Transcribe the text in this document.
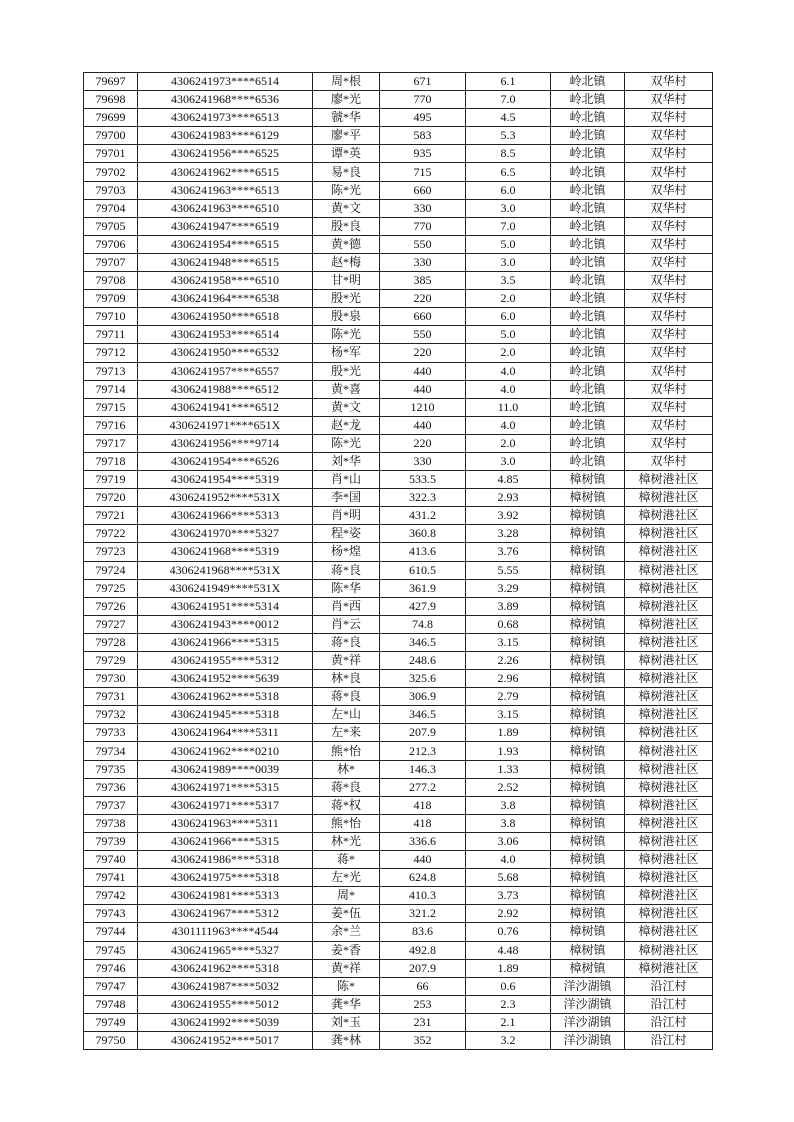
79697	4306241973****6514	周*根	671	6.1	岭北镇	双华村
79698	4306241968****6536	廖*光	770	7.0	岭北镇	双华村
79699	4306241973****6513	虢*华	495	4.5	岭北镇	双华村
79700	4306241983****6129	廖*平	583	5.3	岭北镇	双华村
79701	4306241956****6525	谭*英	935	8.5	岭北镇	双华村
79702	4306241962****6515	易*良	715	6.5	岭北镇	双华村
79703	4306241963****6513	陈*光	660	6.0	岭北镇	双华村
79704	4306241963****6510	黄*文	330	3.0	岭北镇	双华村
79705	4306241947****6519	殷*良	770	7.0	岭北镇	双华村
79706	4306241954****6515	黄*德	550	5.0	岭北镇	双华村
79707	4306241948****6515	赵*梅	330	3.0	岭北镇	双华村
79708	4306241958****6510	甘*明	385	3.5	岭北镇	双华村
79709	4306241964****6538	殷*光	220	2.0	岭北镇	双华村
79710	4306241950****6518	殷*泉	660	6.0	岭北镇	双华村
79711	4306241953****6514	陈*光	550	5.0	岭北镇	双华村
79712	4306241950****6532	杨*军	220	2.0	岭北镇	双华村
79713	4306241957****6557	殷*光	440	4.0	岭北镇	双华村
79714	4306241988****6512	黄*喜	440	4.0	岭北镇	双华村
79715	4306241941****6512	黄*文	1210	11.0	岭北镇	双华村
79716	4306241971****651X	赵*龙	440	4.0	岭北镇	双华村
79717	4306241956****9714	陈*光	220	2.0	岭北镇	双华村
79718	4306241954****6526	刘*华	330	3.0	岭北镇	双华村
79719	4306241954****5319	肖*山	533.5	4.85	樟树镇	樟树港社区
79720	4306241952****531X	李*国	322.3	2.93	樟树镇	樟树港社区
79721	4306241966****5313	肖*明	431.2	3.92	樟树镇	樟树港社区
79722	4306241970****5327	程*姿	360.8	3.28	樟树镇	樟树港社区
79723	4306241968****5319	杨*煌	413.6	3.76	樟树镇	樟树港社区
79724	4306241968****531X	蒋*良	610.5	5.55	樟树镇	樟树港社区
79725	4306241949****531X	陈*华	361.9	3.29	樟树镇	樟树港社区
79726	4306241951****5314	肖*西	427.9	3.89	樟树镇	樟树港社区
79727	4306241943****0012	肖*云	74.8	0.68	樟树镇	樟树港社区
79728	4306241966****5315	蒋*良	346.5	3.15	樟树镇	樟树港社区
79729	4306241955****5312	黄*祥	248.6	2.26	樟树镇	樟树港社区
79730	4306241952****5639	林*良	325.6	2.96	樟树镇	樟树港社区
79731	4306241962****5318	蒋*良	306.9	2.79	樟树镇	樟树港社区
79732	4306241945****5318	左*山	346.5	3.15	樟树镇	樟树港社区
79733	4306241964****5311	左*来	207.9	1.89	樟树镇	樟树港社区
79734	4306241962****0210	熊*怡	212.3	1.93	樟树镇	樟树港社区
79735	4306241989****0039	林*	146.3	1.33	樟树镇	樟树港社区
79736	4306241971****5315	蒋*良	277.2	2.52	樟树镇	樟树港社区
79737	4306241971****5317	蒋*权	418	3.8	樟树镇	樟树港社区
79738	4306241963****5311	熊*怡	418	3.8	樟树镇	樟树港社区
79739	4306241966****5315	林*光	336.6	3.06	樟树镇	樟树港社区
79740	4306241986****5318	蒋*	440	4.0	樟树镇	樟树港社区
79741	4306241975****5318	左*光	624.8	5.68	樟树镇	樟树港社区
79742	4306241981****5313	周*	410.3	3.73	樟树镇	樟树港社区
79743	4306241967****5312	姜*伍	321.2	2.92	樟树镇	樟树港社区
79744	4301111963****4544	余*兰	83.6	0.76	樟树镇	樟树港社区
79745	4306241965****5327	姜*香	492.8	4.48	樟树镇	樟树港社区
79746	4306241962****5318	黄*祥	207.9	1.89	樟树镇	樟树港社区
79747	4306241987****5032	陈*	66	0.6	洋沙湖镇	沿江村
79748	4306241955****5012	龚*华	253	2.3	洋沙湖镇	沿江村
79749	4306241992****5039	刘*玉	231	2.1	洋沙湖镇	沿江村
79750	4306241952****5017	龚*林	352	3.2	洋沙湖镇	沿江村
